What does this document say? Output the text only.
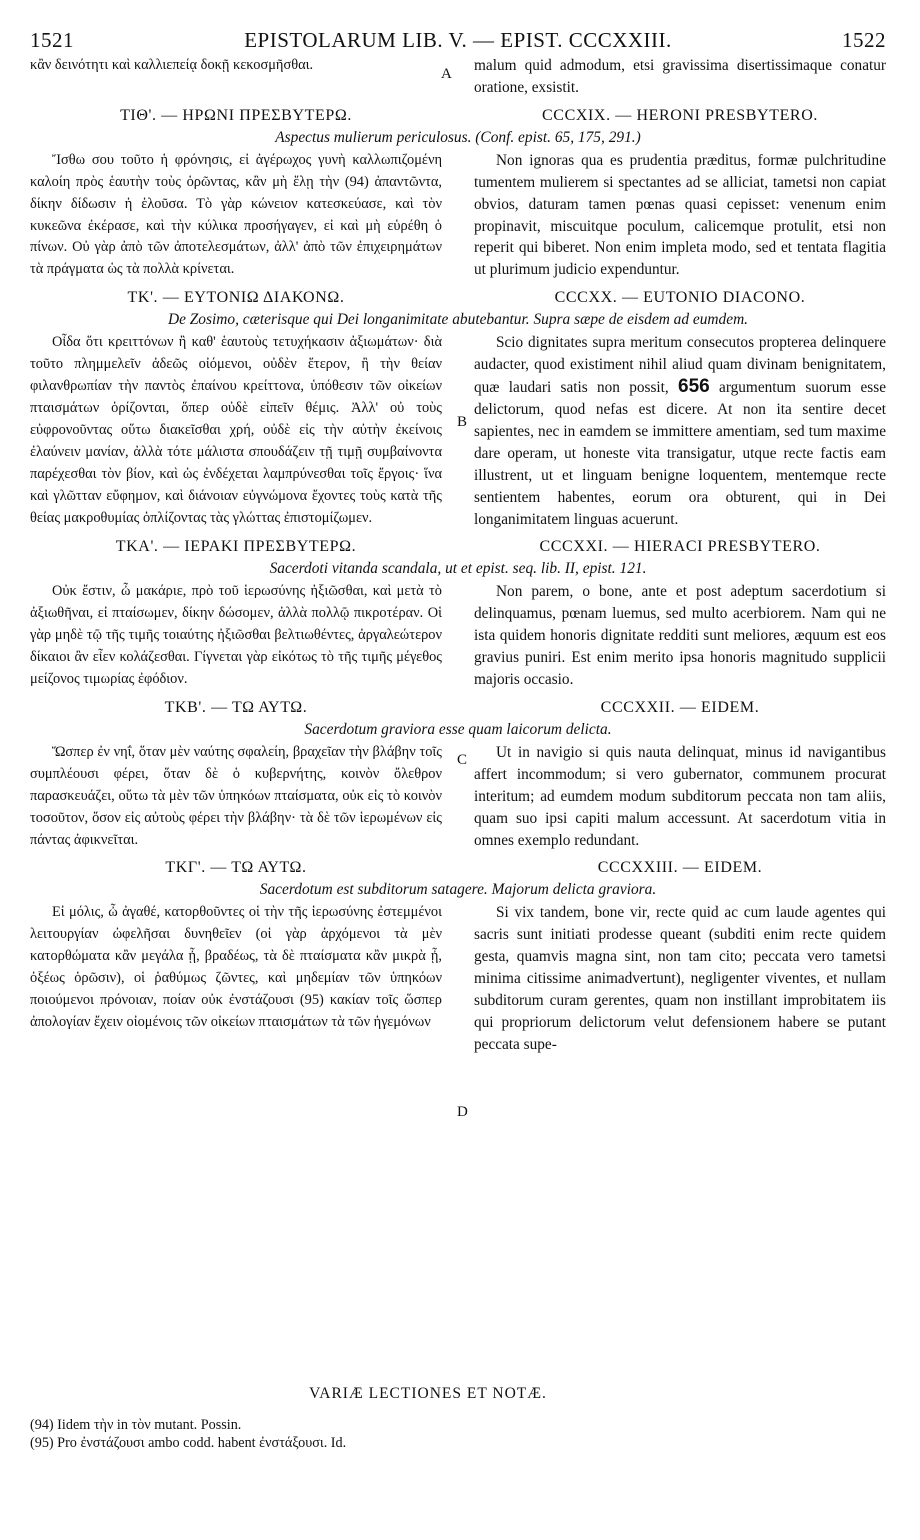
1521	EPISTOLARUM LIB. V. — EPIST. CCCXXIII.	1522
κἂν δεινότητι καὶ καλλιεπείᾳ δοκῇ κεκοσμῆσθαι.	malum quid admodum, etsi gravissima disertissimaque conatur oratione, exsistit.
ΤΙΘ'. — ΗΡΩΝΙ ΠΡΕΣΒΥΤΕΡΩ.	CCCXIX. — HERONI PRESBYTERO.
Aspectus mulierum periculosus. (Conf. epist. 65, 175, 291.)
Ἴσθω σου τοῦτο ἡ φρόνησις, εἰ ἀγέρωχος γυνὴ καλλωπιζομένη καλοίη πρὸς ἑαυτὴν τοὺς ὁρῶντας, κἂν μὴ ἕλῃ τὴν (94) ἀπαντῶντα, δίκην δίδωσιν ἡ ἑλοῦσα. Τὸ γὰρ κώνειον κατεσκεύασε, καὶ τὸν κυκεῶνα ἐκέρασε, καὶ τὴν κύλικα προσήγαγεν, εἰ καὶ μὴ εὑρέθη ὁ πίνων. Οὐ γὰρ ἀπὸ τῶν ἀποτελεσμάτων, ἀλλ' ἀπὸ τῶν ἐπιχειρημάτων τὰ πράγματα ὡς τὰ πολλὰ κρίνεται.
Non ignoras qua es prudentia præditus, formæ pulchritudine tumentem mulierem si spectantes ad se alliciat, tametsi non capiat obvios, daturam tamen pœnas quasi cepisset: venenum enim propinavit, miscuitque poculum, calicemque protulit, etsi non reperit qui biberet. Non enim impleta modo, sed et tentata flagitia ut plurimum judicio expenduntur.
ΤΚ'. — ΕΥΤΟΝΙΩ ΔΙΑΚΟΝΩ.	CCCXX. — EUTONIO DIACONO.
De Zosimo, cæterisque qui Dei longanimitate abutebantur. Supra sæpe de eisdem ad eumdem.
Οἶδα ὅτι κρειττόνων ἢ καθ' ἑαυτοὺς τετυχήκασιν ἀξιωμάτων· διὰ τοῦτο πλημμελεῖν ἀδεῶς οἰόμενοι, οὐδὲν ἕτερον, ἢ τὴν θείαν φιλανθρωπίαν τὴν παντὸς ἐπαίνου κρείττονα, ὑπόθεσιν τῶν οἰκείων πταισμάτων ὁρίζονται, ὅπερ οὐδὲ εἰπεῖν θέμις. Ἀλλ' οὐ τοὺς εὐφρονοῦντας οὕτω διακεῖσθαι χρή, οὐδὲ εἰς τὴν αὐτὴν ἐκείνοις ἐλαύνειν μανίαν, ἀλλὰ τότε μάλιστα σπουδάζειν τῇ τιμῇ συμβαίνοντα παρέχεσθαι τὸν βίον, καὶ ὡς ἐνδέχεται λαμπρύνεσθαι τοῖς ἔργοις· ἵνα καὶ γλῶτταν εὔφημον, καὶ διάνοιαν εὐγνώμονα ἔχοντες τοὺς κατὰ τῆς θείας μακροθυμίας ὁπλίζοντας τὰς γλώττας ἐπιστομίζωμεν.
Scio dignitates supra meritum consecutos propterea delinquere audacter, quod existiment nihil aliud quam divinam benignitatem, quæ laudari satis non possit, 656 argumentum suorum esse delictorum, quod nefas est dicere. At non ita sentire decet sapientes, nec in eamdem se immittere amentiam, sed tum maxime dare operam, ut honeste vita transigatur, utque recte factis eam illustrent, ut et linguam benigne loquentem, mentemque recte sentientem habentes, eorum ora obturent, qui in Dei longanimitatem linguas acuerunt.
ΤΚΑ'. — ΙΕΡΑΚΙ ΠΡΕΣΒΥΤΕΡΩ.	CCCXXI. — HIERACI PRESBYTERO.
Sacerdoti vitanda scandala, ut et epist. seq. lib. II, epist. 121.
Οὐκ ἔστιν, ὦ μακάριε, πρὸ τοῦ ἱερωσύνης ἠξιῶσθαι, καὶ μετὰ τὸ ἀξιωθῆναι, εἰ πταίσωμεν, δίκην δώσομεν, ἀλλὰ πολλῷ πικροτέραν. Οἱ γὰρ μηδὲ τῷ τῆς τιμῆς τοιαύτης ἠξιῶσθαι βελτιωθέντες, ἀργαλεώτερον δίκαιοι ἂν εἶεν κολάζεσθαι. Γίγνεται γὰρ εἰκότως τὸ τῆς τιμῆς μέγεθος μείζονος τιμωρίας ἐφόδιον.
Non parem, o bone, ante et post adeptum sacerdotium si delinquamus, pœnam luemus, sed multo acerbiorem. Nam qui ne ista quidem honoris dignitate redditi sunt meliores, æquum est eos gravius puniri. Est enim merito ipsa honoris magnitudo supplicii majoris occasio.
ΤΚΒ'. — ΤΩ ΑΥΤΩ.	CCCXXII. — EIDEM.
Sacerdotum graviora esse quam laicorum delicta.
Ὥσπερ ἐν νηΐ, ὅταν μὲν ναύτης σφαλείη, βραχεῖαν τὴν βλάβην τοῖς συμπλέουσι φέρει, ὅταν δὲ ὁ κυβερνήτης, κοινὸν ὄλεθρον παρασκευάζει, οὕτω τὰ μὲν τῶν ὑπηκόων πταίσματα, οὐκ εἰς τὸ κοινὸν τοσοῦτον, ὅσον εἰς αὐτοὺς φέρει τὴν βλάβην· τὰ δὲ τῶν ἱερωμένων εἰς πάντας ἀφικνεῖται.
Ut in navigio si quis nauta delinquat, minus id navigantibus affert incommodum; si vero gubernator, communem procurat interitum; ad eumdem modum subditorum peccata non tam aliis, quam suo ipsi capiti malum accessunt. At sacerdotum vitia in omnes exemplo redundant.
ΤΚΓ'. — ΤΩ ΑΥΤΩ.	CCCXXIII. — EIDEM.
Sacerdotum est subditorum satagere. Majorum delicta graviora.
Εἰ μόλις, ὦ ἀγαθέ, κατορθοῦντες οἱ τὴν τῆς ἱερωσύνης ἐστεμμένοι λειτουργίαν ὠφελῆσαι δυνηθεῖεν (οἱ γὰρ ἀρχόμενοι τὰ μὲν κατορθώματα κἂν μεγάλα ᾖ, βραδέως, τὰ δὲ πταίσματα κἂν μικρὰ ᾖ, ὀξέως ὁρῶσιν), οἱ ῥαθύμως ζῶντες, καὶ μηδεμίαν τῶν ὑπηκόων ποιούμενοι πρόνοιαν, ποίαν οὐκ ἐνστάζουσι (95) κακίαν τοῖς ὥσπερ ἀπολογίαν ἔχειν οἰομένοις τῶν οἰκείων πταισμάτων τὰ τῶν ἡγεμόνων
Si vix tandem, bone vir, recte quid ac cum laude agentes qui sacris sunt initiati prodesse queant (subditi enim recte quidem gesta, quamvis magna sint, non tam cito; peccata vero tametsi minima citissime animadvertunt), negligenter viventes, et nullam subditorum curam gerentes, quam non instillant improbitatem iis qui propriorum delictorum velut defensionem habere se putant peccata supe-
A
B
C
D
VARIÆ LECTIONES ET NOTÆ.
(94) Iidem τὴν in τὸν mutant. Possin.
(95) Pro ἐνστάζουσι ambo codd. habent ἐνστάξουσι. Id.
